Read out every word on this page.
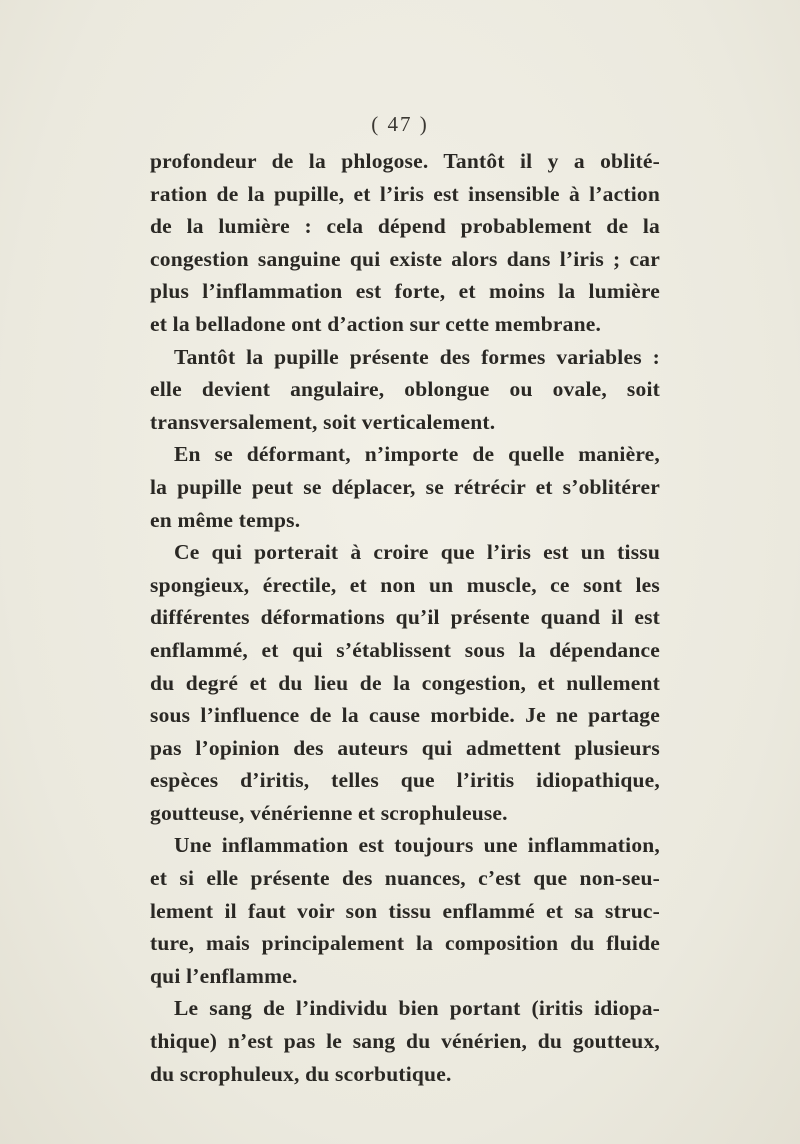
( 47 )
profondeur de la phlogose. Tantôt il y a oblité-
ration de la pupille, et l’iris est insensible à l’action
de la lumière : cela dépend probablement de la
congestion sanguine qui existe alors dans l’iris ; car
plus l’inflammation est forte, et moins la lumière
et la belladone ont d’action sur cette membrane.
Tantôt la pupille présente des formes variables :
elle devient angulaire, oblongue ou ovale, soit
transversalement, soit verticalement.
En se déformant, n’importe de quelle manière,
la pupille peut se déplacer, se rétrécir et s’oblitérer
en même temps.
Ce qui porterait à croire que l’iris est un tissu
spongieux, érectile, et non un muscle, ce sont les
différentes déformations qu’il présente quand il est
enflammé, et qui s’établissent sous la dépendance
du degré et du lieu de la congestion, et nullement
sous l’influence de la cause morbide. Je ne partage
pas l’opinion des auteurs qui admettent plusieurs
espèces d’iritis, telles que l’iritis idiopathique,
goutteuse, vénérienne et scrophuleuse.
Une inflammation est toujours une inflammation,
et si elle présente des nuances, c’est que non-seu-
lement il faut voir son tissu enflammé et sa struc-
ture, mais principalement la composition du fluide
qui l’enflamme.
Le sang de l’individu bien portant (iritis idiopa-
thique) n’est pas le sang du vénérien, du goutteux,
du scrophuleux, du scorbutique.
